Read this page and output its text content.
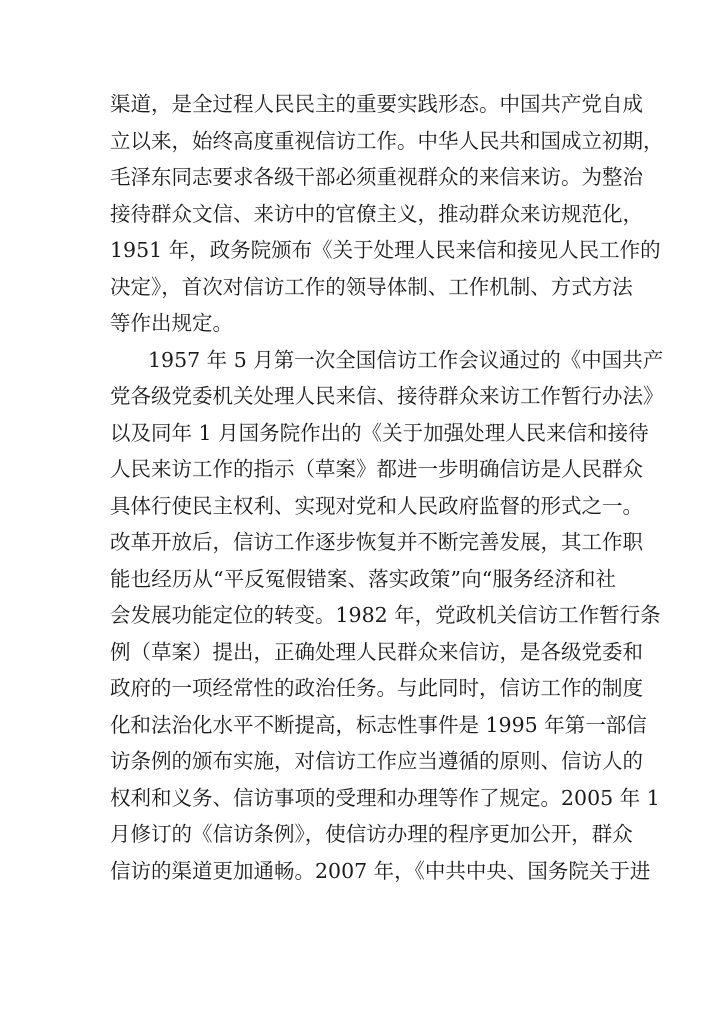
渠道，是全过程人民民主的重要实践形态。中国共产党自成
立以来，始终高度重视信访工作。中华人民共和国成立初期，
毛泽东同志要求各级干部必须重视群众的来信来访。为整治
接待群众文信、来访中的官僚主义，推动群众来访规范化，
1951 年，政务院颁布《关于处理人民来信和接见人民工作的
决定》，首次对信访工作的领导体制、工作机制、方式方法
等作出规定。
1957 年 5 月第一次全国信访工作会议通过的《中国共产
党各级党委机关处理人民来信、接待群众来访工作暂行办法》
以及同年 1 月国务院作出的《关于加强处理人民来信和接待
人民来访工作的指示（草案》都进一步明确信访是人民群众
具体行使民主权利、实现对党和人民政府监督的形式之一。
改革开放后，信访工作逐步恢复并不断完善发展，其工作职
能也经历从“平反冤假错案、落实政策”向“服务经济和社
会发展功能定位的转变。1982 年，党政机关信访工作暂行条
例（草案）提出，正确处理人民群众来信访，是各级党委和
政府的一项经常性的政治任务。与此同时，信访工作的制度
化和法治化水平不断提高，标志性事件是 1995 年第一部信
访条例的颁布实施，对信访工作应当遵循的原则、信访人的
权利和义务、信访事项的受理和办理等作了规定。2005 年 1
月修订的《信访条例》，使信访办理的程序更加公开，群众
信访的渠道更加通畅。2007 年，《中共中央、国务院关于进
